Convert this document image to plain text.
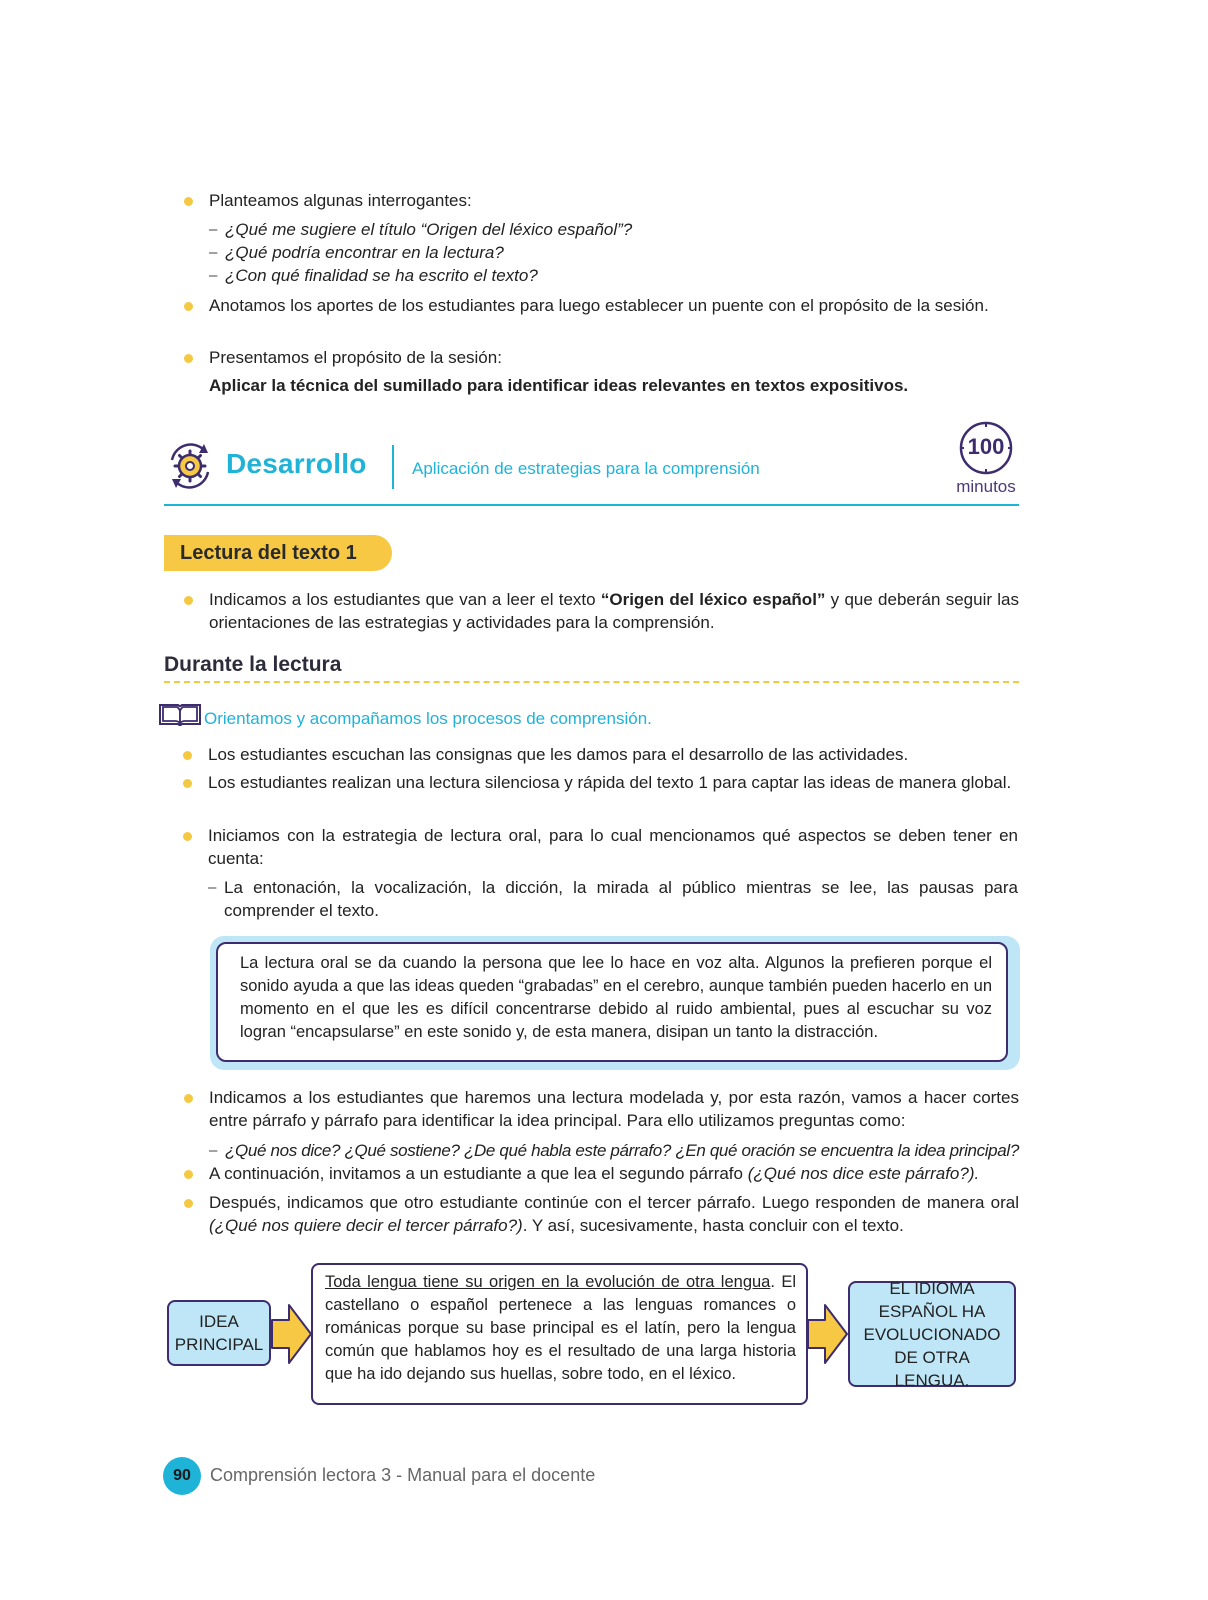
Planteamos algunas interrogantes:
– ¿Qué me sugiere el título “Origen del léxico español”?
– ¿Qué podría encontrar en la lectura?
– ¿Con qué finalidad se ha escrito el texto?
Anotamos los aportes de los estudiantes para luego establecer un puente con el propósito de la sesión.
Presentamos el propósito de la sesión:
Aplicar la técnica del sumillado para identificar ideas relevantes en textos expositivos.
Desarrollo	Aplicación de estrategias para la comprensión
100
minutos
Lectura del texto 1
Indicamos a los estudiantes que van a leer el texto “Origen del léxico español” y que deberán seguir las orientaciones de las estrategias y actividades para la comprensión.
Durante la lectura
Orientamos y acompañamos los procesos de comprensión.
Los estudiantes escuchan las consignas que les damos para el desarrollo de las actividades.
Los estudiantes realizan una lectura silenciosa y rápida del texto 1 para captar las ideas de manera global.
Iniciamos con la estrategia de lectura oral, para lo cual mencionamos qué aspectos se deben tener en cuenta:
– La entonación, la vocalización, la dicción, la mirada al público mientras se lee, las pausas para comprender el texto.
La lectura oral se da cuando la persona que lee lo hace en voz alta. Algunos la prefieren porque el sonido ayuda a que las ideas queden “grabadas” en el cerebro, aunque también pueden hacerlo en un momento en el que les es difícil concentrarse debido al ruido ambiental, pues al escuchar su voz logran “encapsularse” en este sonido y, de esta manera, disipan un tanto la distracción.
Indicamos a los estudiantes que haremos una lectura modelada y, por esta razón, vamos a hacer cortes entre párrafo y párrafo para identificar la idea principal. Para ello utilizamos preguntas como:
– ¿Qué nos dice? ¿Qué sostiene? ¿De qué habla este párrafo? ¿En qué oración se encuentra la idea principal?
A continuación, invitamos a un estudiante a que lea el segundo párrafo (¿Qué nos dice este párrafo?).
Después, indicamos que otro estudiante continúe con el tercer párrafo. Luego responden de manera oral (¿Qué nos quiere decir el tercer párrafo?). Y así, sucesivamente, hasta concluir con el texto.
IDEA PRINCIPAL
Toda lengua tiene su origen en la evolución de otra lengua. El castellano o español pertenece a las lenguas romances o románicas porque su base principal es el latín, pero la lengua común que hablamos hoy es el resultado de una larga historia que ha ido dejando sus huellas, sobre todo, en el léxico.
EL IDIOMA ESPAÑOL HA EVOLUCIONADO DE OTRA LENGUA.
90	Comprensión lectora 3 - Manual para el docente
